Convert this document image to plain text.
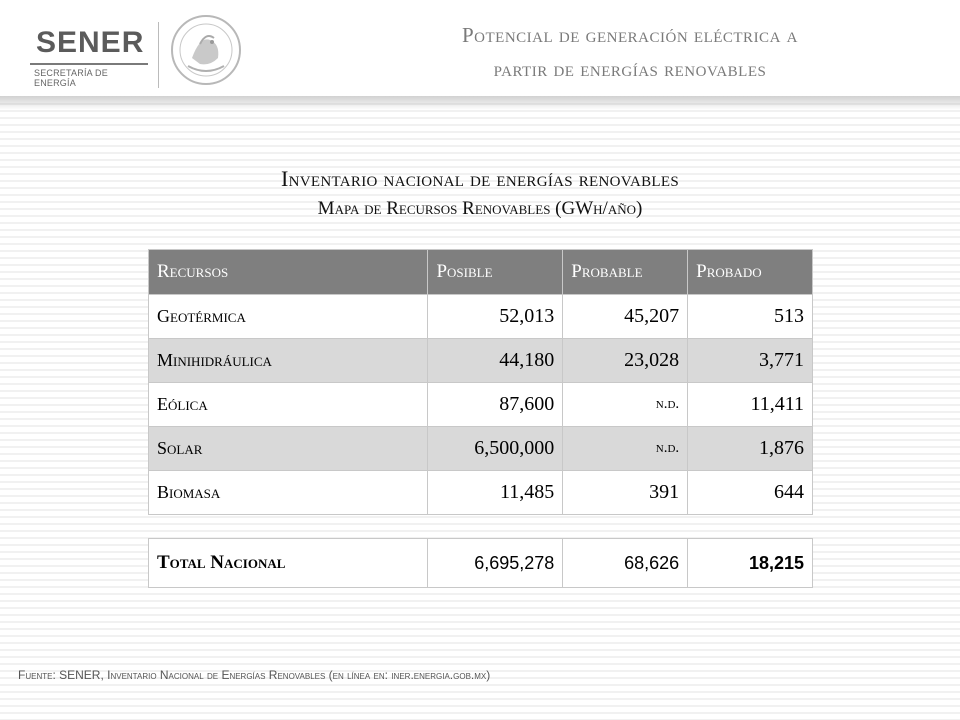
SENER
SECRETARÍA DE ENERGÍA
Potencial de generación eléctrica a
partir de energías renovables
Inventario nacional de energías renovables
Mapa de Recursos Renovables (GWh/año)
Recursos	Posible	Probable	Probado
Geotérmica	52,013	45,207	513
Minihidráulica	44,180	23,028	3,771
Eólica	87,600	n.d.	11,411
Solar	6,500,000	n.d.	1,876
Biomasa	11,485	391	644
Total Nacional	6,695,278	68,626	18,215
Fuente: SENER, Inventario Nacional de Energías Renovables (en línea en: iner.energia.gob.mx)
